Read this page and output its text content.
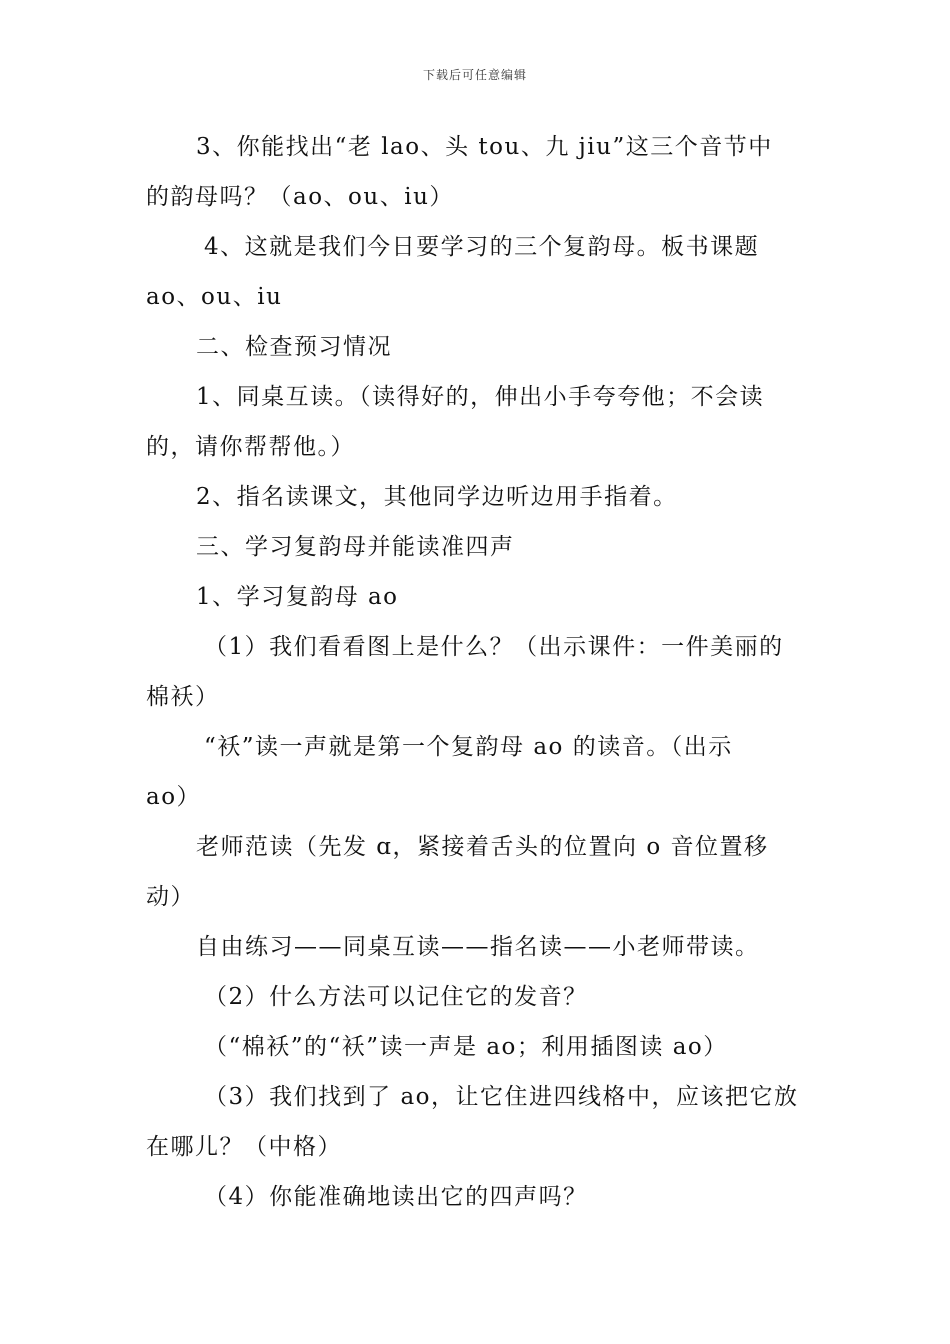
下载后可任意编辑
3、你能找出“老 lao、头 tou、九 jiu”这三个音节中
的韵母吗？（ao、ou、iu）
4、这就是我们今日要学习的三个复韵母。板书课题
ao、ou、iu
二、检查预习情况
1、同桌互读。（读得好的，伸出小手夸夸他；不会读
的，请你帮帮他。）
2、指名读课文，其他同学边听边用手指着。
三、学习复韵母并能读准四声
1、学习复韵母 ao
（1）我们看看图上是什么？（出示课件：一件美丽的
棉袄）
“袄”读一声就是第一个复韵母 ao 的读音。（出示
ao）
老师范读（先发 ɑ，紧接着舌头的位置向 o 音位置移
动）
自由练习——同桌互读——指名读——小老师带读。
（2）什么方法可以记住它的发音？
（“棉袄”的“袄”读一声是 ao；利用插图读 ao）
（3）我们找到了 ao，让它住进四线格中，应该把它放
在哪儿？（中格）
（4）你能准确地读出它的四声吗？
